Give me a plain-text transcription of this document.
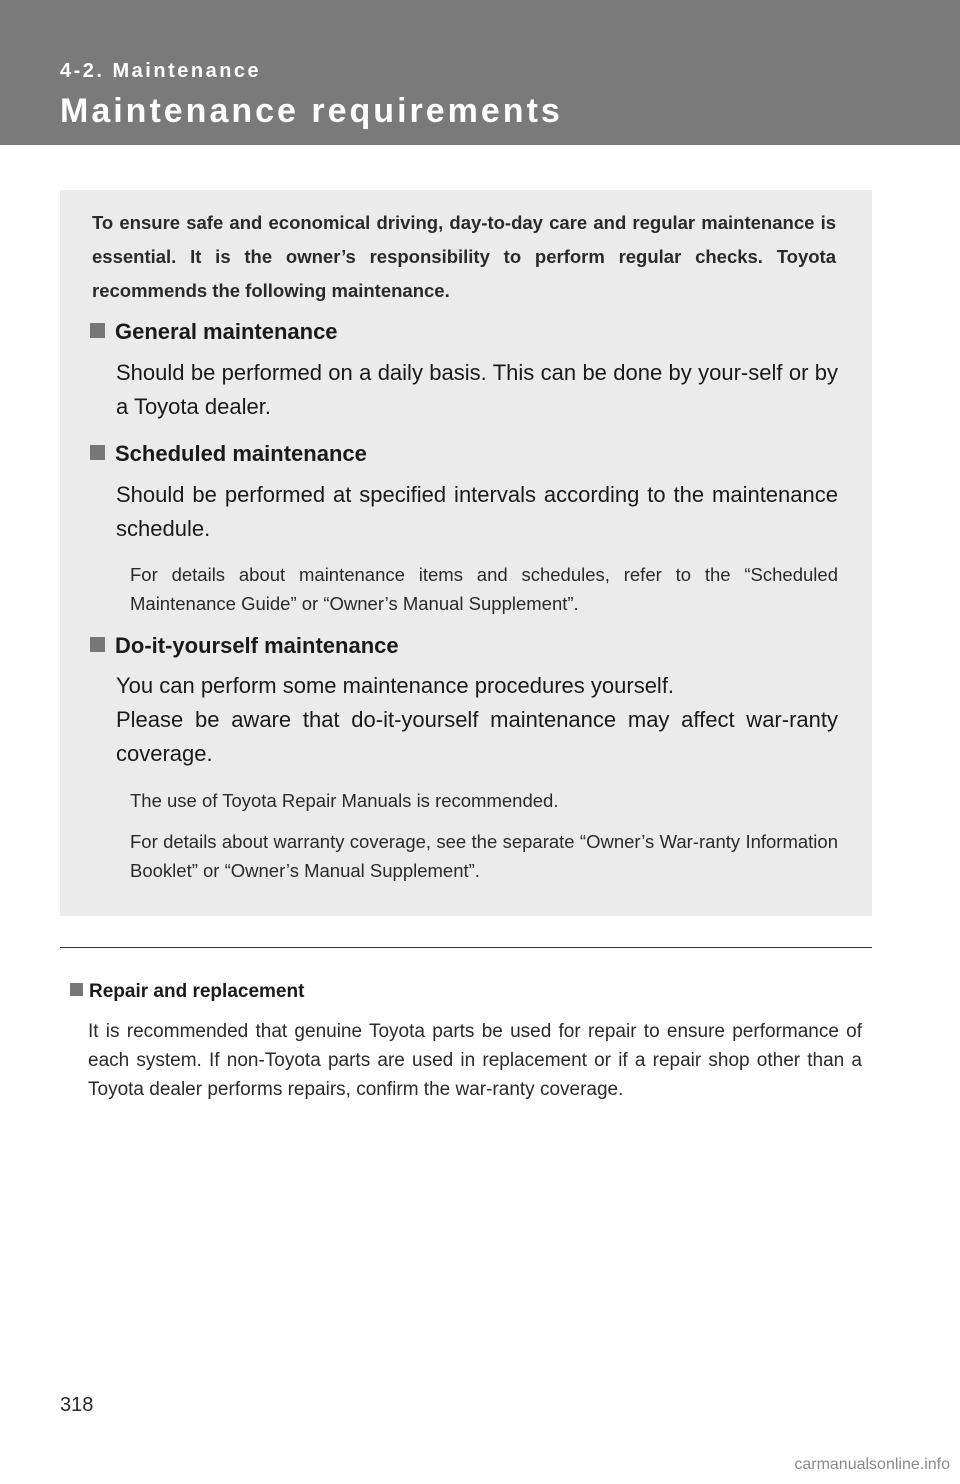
4-2. Maintenance
Maintenance requirements

To ensure safe and economical driving, day-to-day care and regular maintenance is essential. It is the owner’s responsibility to perform regular checks. Toyota recommends the following maintenance.

General maintenance
Should be performed on a daily basis. This can be done by your-self or by a Toyota dealer.
Scheduled maintenance
Should be performed at specified intervals according to the maintenance schedule.
For details about maintenance items and schedules, refer to the “Scheduled Maintenance Guide” or “Owner’s Manual Supplement”.
Do-it-yourself maintenance
You can perform some maintenance procedures yourself.
Please be aware that do-it-yourself maintenance may affect war-ranty coverage.
The use of Toyota Repair Manuals is recommended.
For details about warranty coverage, see the separate “Owner’s War-ranty Information Booklet” or “Owner’s Manual Supplement”.
Repair and replacement
It is recommended that genuine Toyota parts be used for repair to ensure performance of each system. If non-Toyota parts are used in replacement or if a repair shop other than a Toyota dealer performs repairs, confirm the war-ranty coverage.
318
carmanualsonline.info
